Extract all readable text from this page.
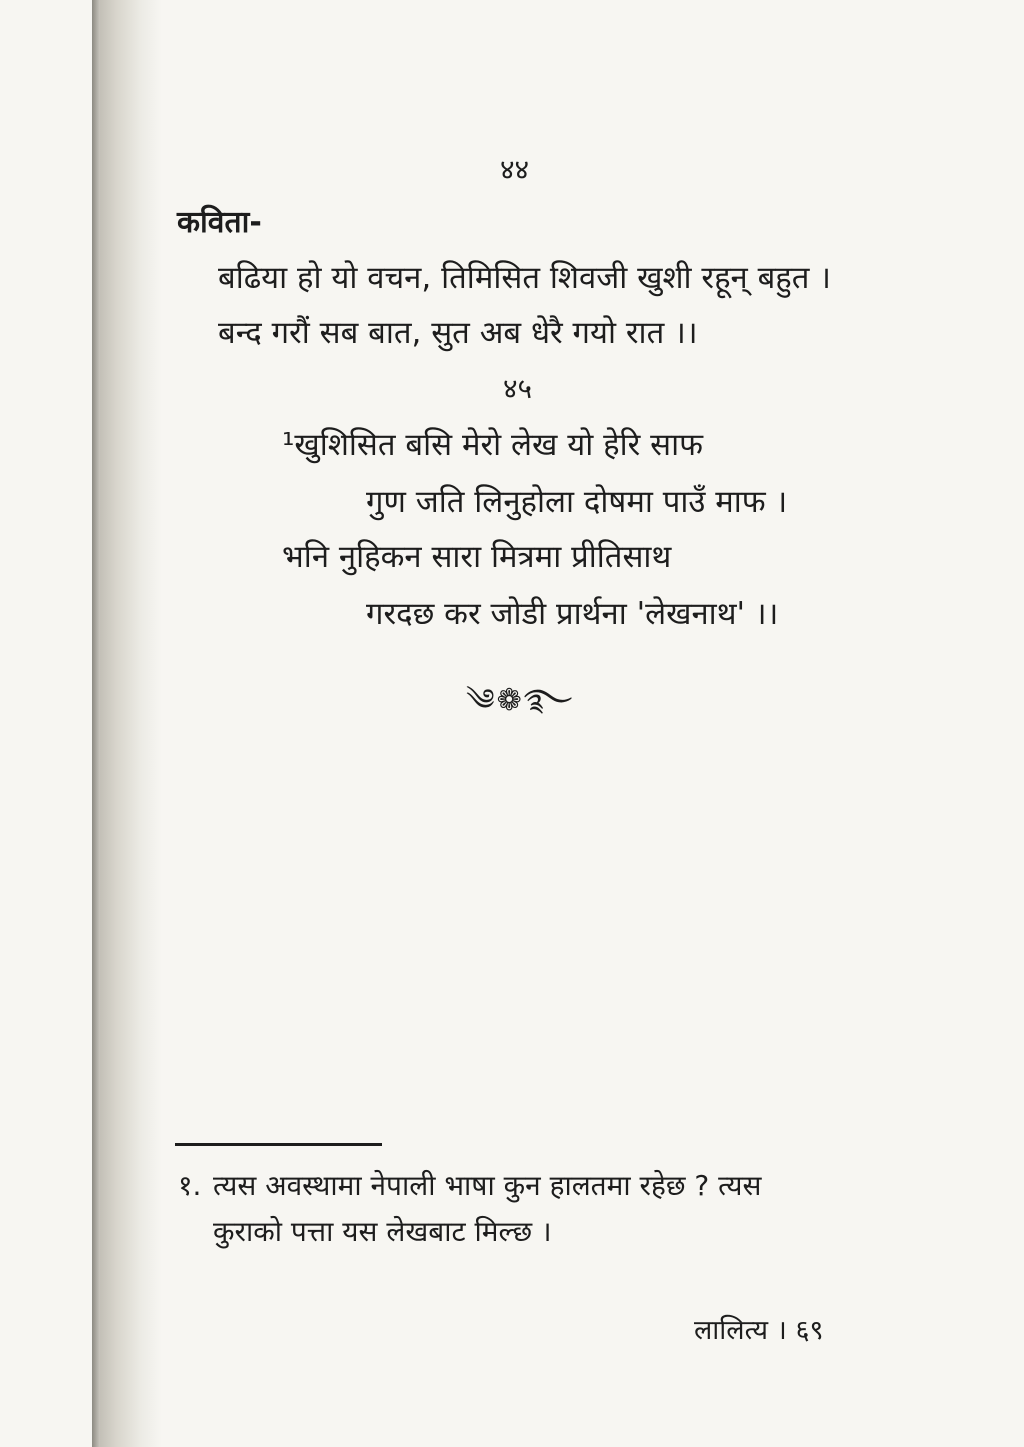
४४
कविता-
बढिया हो यो वचन, तिमिसित शिवजी खुशी रहून् बहुत ।
बन्द गरौं सब बात, सुत अब धेरै गयो रात ।।
४५
¹खुशिसित बसि मेरो लेख यो हेरि साफ
गुण जति लिनुहोला दोषमा पाउँ माफ ।
भनि नुहिकन सारा मित्रमा प्रीतिसाथ
गरदछ कर जोडी प्रार्थना 'लेखनाथ' ।।
༄❁࿐
१. त्यस अवस्थामा नेपाली भाषा कुन हालतमा रहेछ ? त्यस
कुराको पत्ता यस लेखबाट मिल्छ ।
लालित्य । ६९
